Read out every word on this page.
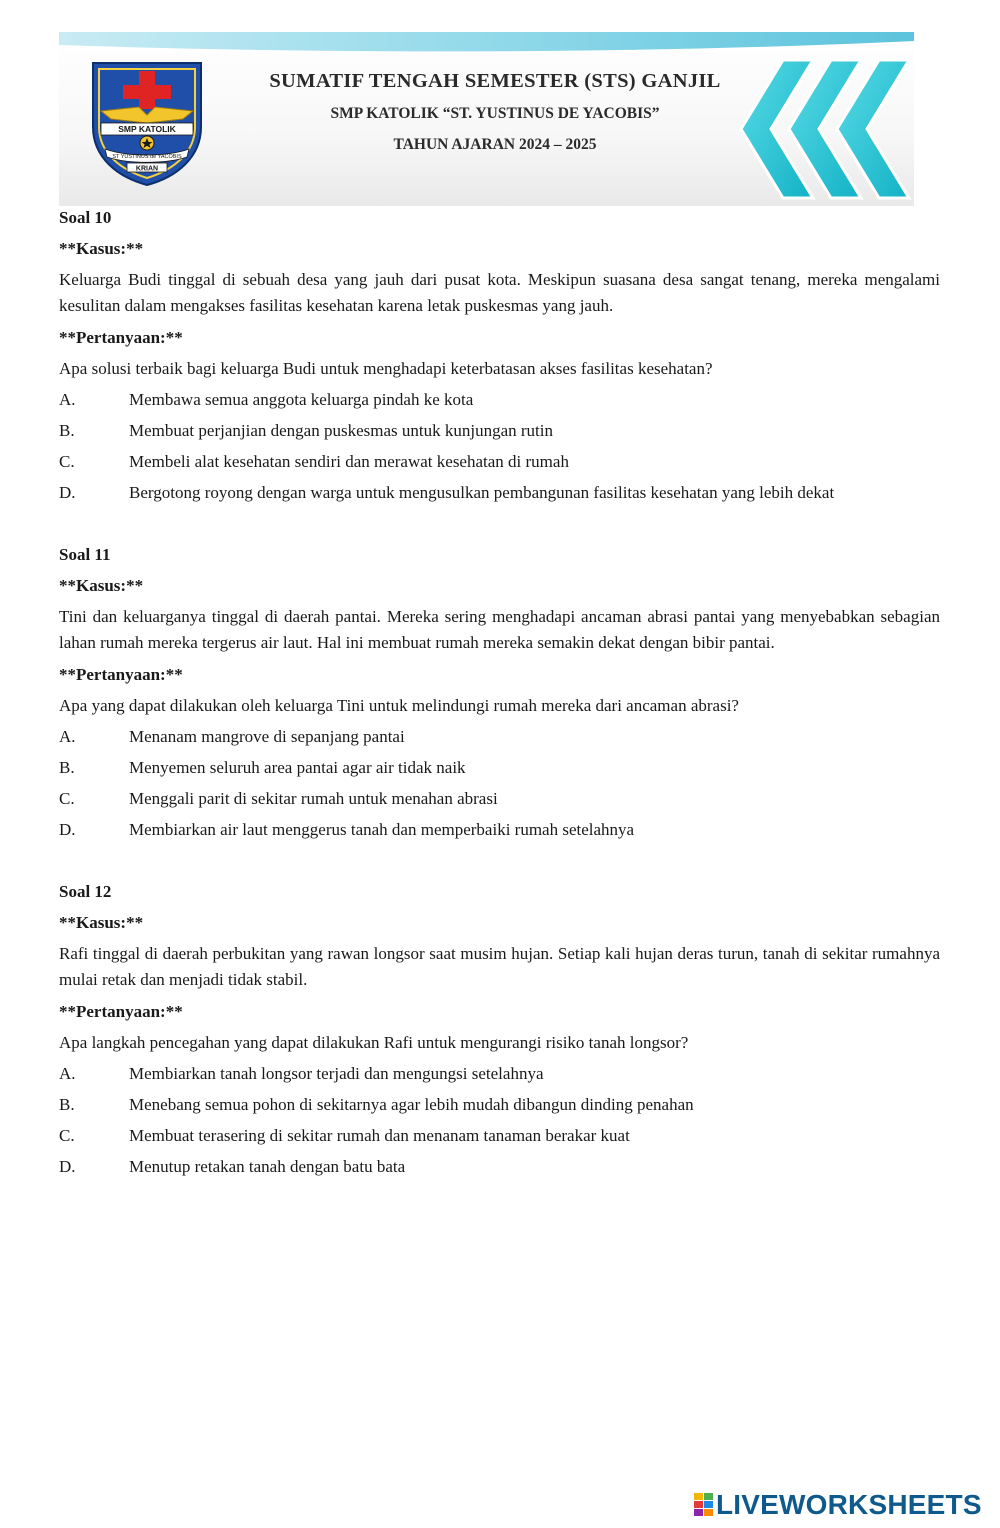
SMP KATOLIK
ST YUSTINUS de YACOBIS
KRIAN
SUMATIF TENGAH SEMESTER (STS) GANJIL
SMP KATOLIK “ST. YUSTINUS DE YACOBIS”
TAHUN AJARAN 2024 – 2025
Soal 10
**Kasus:**
Keluarga Budi tinggal di sebuah desa yang jauh dari pusat kota. Meskipun suasana desa sangat tenang, mereka mengalami kesulitan dalam mengakses fasilitas kesehatan karena letak puskesmas yang jauh.
**Pertanyaan:**
Apa solusi terbaik bagi keluarga Budi untuk menghadapi keterbatasan akses fasilitas kesehatan?
A.	Membawa semua anggota keluarga pindah ke kota
B.	Membuat perjanjian dengan puskesmas untuk kunjungan rutin
C.	Membeli alat kesehatan sendiri dan merawat kesehatan di rumah
D.	Bergotong royong dengan warga untuk mengusulkan pembangunan fasilitas kesehatan yang lebih dekat
Soal 11
**Kasus:**
Tini dan keluarganya tinggal di daerah pantai. Mereka sering menghadapi ancaman abrasi pantai yang menyebabkan sebagian lahan rumah mereka tergerus air laut. Hal ini membuat rumah mereka semakin dekat dengan bibir pantai.
**Pertanyaan:**
Apa yang dapat dilakukan oleh keluarga Tini untuk melindungi rumah mereka dari ancaman abrasi?
A.	Menanam mangrove di sepanjang pantai
B.	Menyemen seluruh area pantai agar air tidak naik
C.	Menggali parit di sekitar rumah untuk menahan abrasi
D.	Membiarkan air laut menggerus tanah dan memperbaiki rumah setelahnya
Soal 12
**Kasus:**
Rafi tinggal di daerah perbukitan yang rawan longsor saat musim hujan. Setiap kali hujan deras turun, tanah di sekitar rumahnya mulai retak dan menjadi tidak stabil.
**Pertanyaan:**
Apa langkah pencegahan yang dapat dilakukan Rafi untuk mengurangi risiko tanah longsor?
A.	Membiarkan tanah longsor terjadi dan mengungsi setelahnya
B.	Menebang semua pohon di sekitarnya agar lebih mudah dibangun dinding penahan
C.	Membuat terasering di sekitar rumah dan menanam tanaman berakar kuat
D.	Menutup retakan tanah dengan batu bata
LIVEWORKSHEETS
